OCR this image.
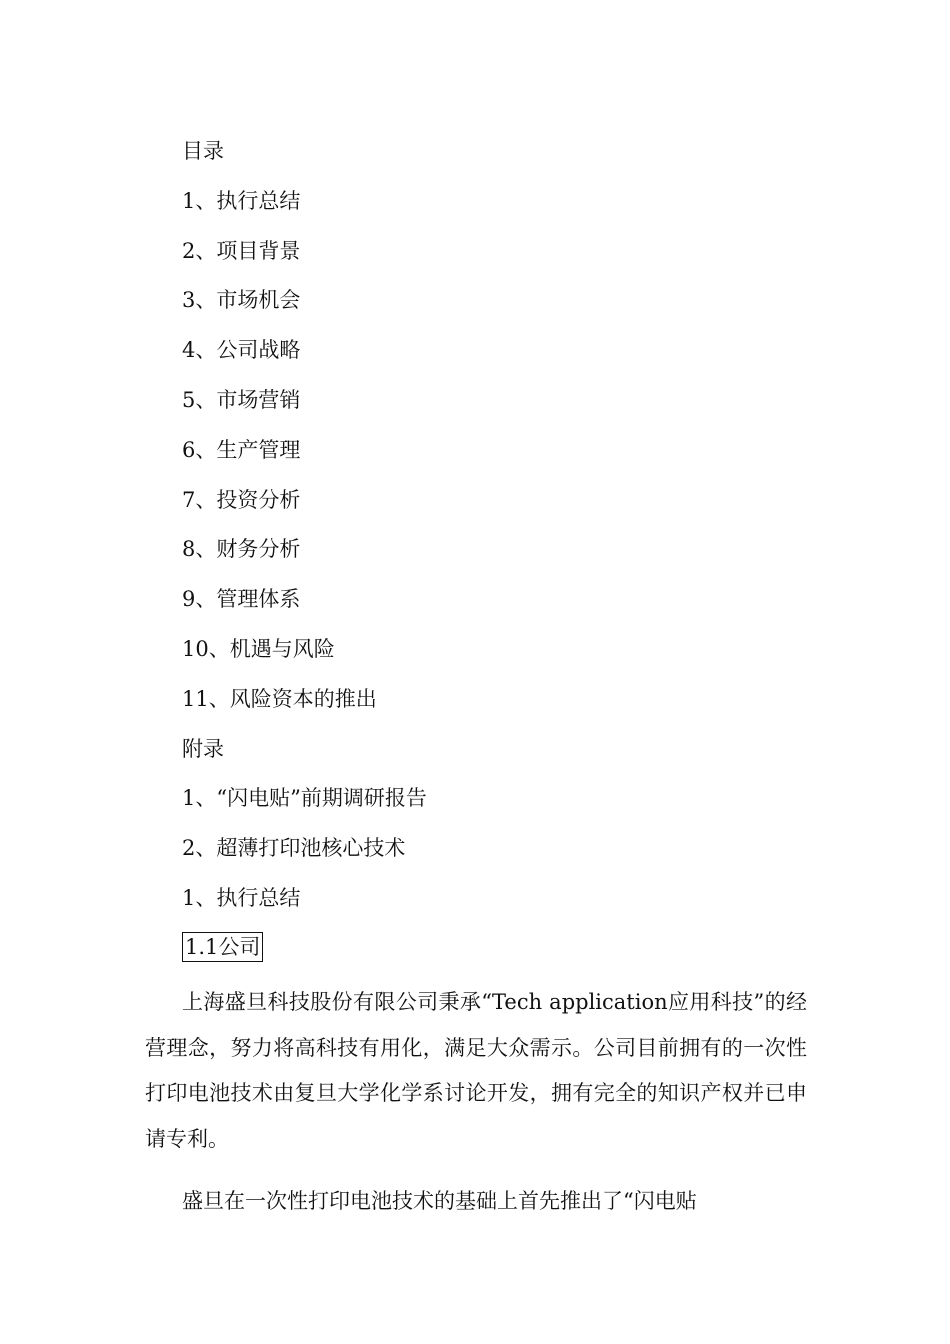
目录
1、执行总结
2、项目背景
3、市场机会
4、公司战略
5、市场营销
6、生产管理
7、投资分析
8、财务分析
9、管理体系
10、机遇与风险
11、风险资本的推出
附录
1、“闪电贴”前期调研报告
2、超薄打印池核心技术
1、执行总结
1.1公司

上海盛旦科技股份有限公司秉承“Tech application应用科技”的经营理念，努力将高科技有用化，满足大众需示。公司目前拥有的一次性打印电池技术由复旦大学化学系讨论开发，拥有完全的知识产权并已申请专利。

盛旦在一次性打印电池技术的基础上首先推出了“闪电贴
